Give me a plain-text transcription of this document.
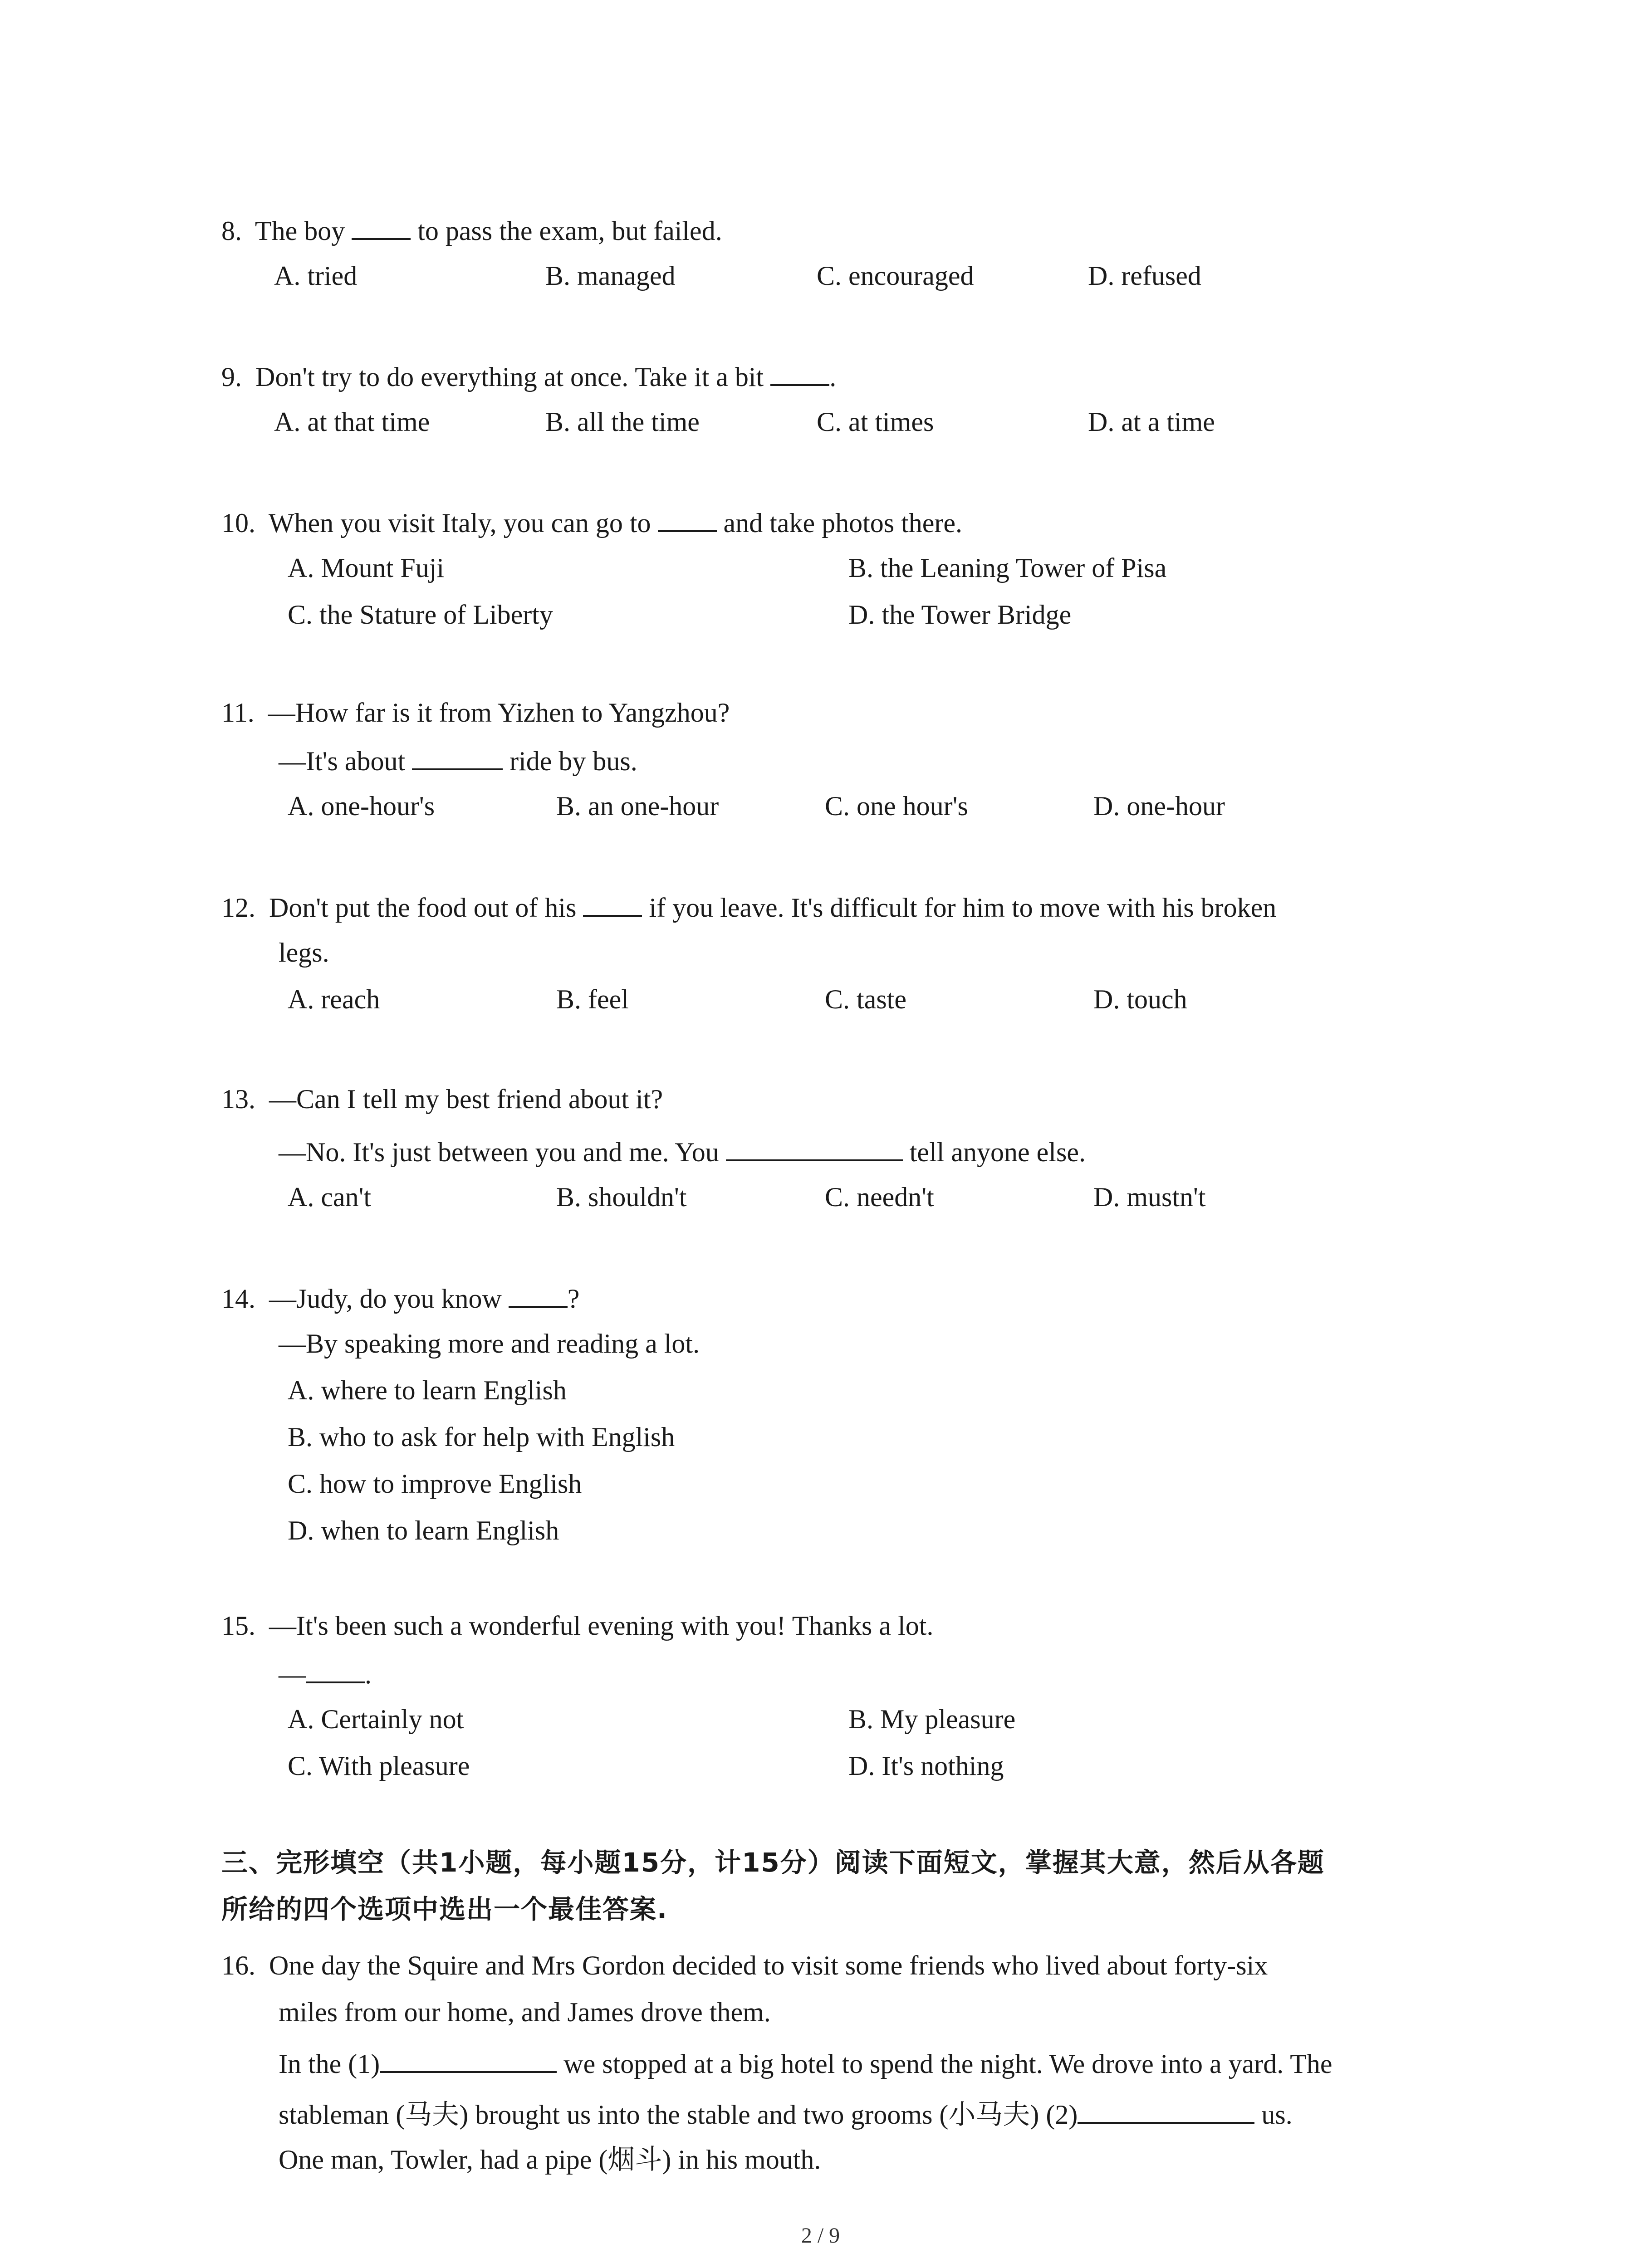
8. The boy	to pass the exam, but failed.
A. tried	B. managed	C. encouraged	D. refused
9. Don't try to do everything at once. Take it a bit .
A. at that time	B. all the time	C. at times	D. at a time
10. When you visit Italy, you can go to	and take photos there.
A. Mount Fuji	B. the Leaning Tower of Pisa
C. the Stature of Liberty	D. the Tower Bridge
11. —How far is it from Yizhen to Yangzhou?
—It's about	ride by bus.
A. one-hour's	B. an one-hour	C. one hour's	D. one-hour
12. Don't put the food out of his	if you leave. It's difficult for him to move with his broken
legs.
A. reach	B. feel	C. taste	D. touch
13. —Can I tell my best friend about it?
—No. It's just between you and me. You	tell anyone else.
A. can't	B. shouldn't	C. needn't	D. mustn't
14. —Judy, do you know ?
—By speaking more and reading a lot.
A. where to learn English
B. who to ask for help with English
C. how to improve English
D. when to learn English
15. —It's been such a wonderful evening with you! Thanks a lot.
— .
A. Certainly not	B. My pleasure
C. With pleasure	D. It's nothing
三、完形填空（共1小题，每小题15分，计15分）阅读下面短文，掌握其大意，然后从各题
所给的四个选项中选出一个最佳答案.
16. One day the Squire and Mrs Gordon decided to visit some friends who lived about forty-six
miles from our home, and James drove them.
In the (1)	we stopped at a big hotel to spend the night. We drove into a yard. The
stableman (马夫) brought us into the stable and two grooms (小马夫) (2)	us.
One man, Towler, had a pipe (烟斗) in his mouth.
2 / 9
